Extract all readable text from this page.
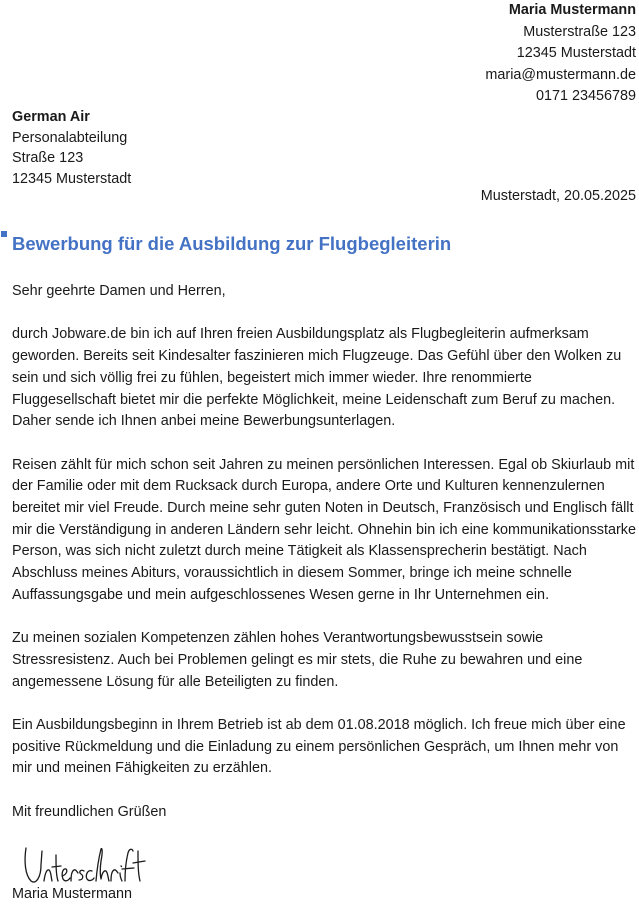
Maria Mustermann
Musterstraße 123
12345 Musterstadt
maria@mustermann.de
0171 23456789
German Air
Personalabteilung
Straße 123
12345 Musterstadt
Musterstadt, 20.05.2025
Bewerbung für die Ausbildung zur Flugbegleiterin

Sehr geehrte Damen und Herren,

durch Jobware.de bin ich auf Ihren freien Ausbildungsplatz als Flugbegleiterin aufmerksam geworden. Bereits seit Kindesalter faszinieren mich Flugzeuge. Das Gefühl über den Wolken zu sein und sich völlig frei zu fühlen, begeistert mich immer wieder. Ihre renommierte Fluggesellschaft bietet mir die perfekte Möglichkeit, meine Leidenschaft zum Beruf zu machen. Daher sende ich Ihnen anbei meine Bewerbungsunterlagen.

Reisen zählt für mich schon seit Jahren zu meinen persönlichen Interessen. Egal ob Skiurlaub mit der Familie oder mit dem Rucksack durch Europa, andere Orte und Kulturen kennenzulernen bereitet mir viel Freude. Durch meine sehr guten Noten in Deutsch, Französisch und Englisch fällt mir die Verständigung in anderen Ländern sehr leicht. Ohnehin bin ich eine kommunikationsstarke Person, was sich nicht zuletzt durch meine Tätigkeit als Klassensprecherin bestätigt. Nach Abschluss meines Abiturs, voraussichtlich in diesem Sommer, bringe ich meine schnelle Auffassungsgabe und mein aufgeschlossenes Wesen gerne in Ihr Unternehmen ein.

Zu meinen sozialen Kompetenzen zählen hohes Verantwortungsbewusstsein sowie Stressresistenz. Auch bei Problemen gelingt es mir stets, die Ruhe zu bewahren und eine angemessene Lösung für alle Beteiligten zu finden.

Ein Ausbildungsbeginn in Ihrem Betrieb ist ab dem 01.08.2018 möglich. Ich freue mich über eine positive Rückmeldung und die Einladung zu einem persönlichen Gespräch, um Ihnen mehr von mir und meinen Fähigkeiten zu erzählen.

Mit freundlichen Grüßen

Maria Mustermann
